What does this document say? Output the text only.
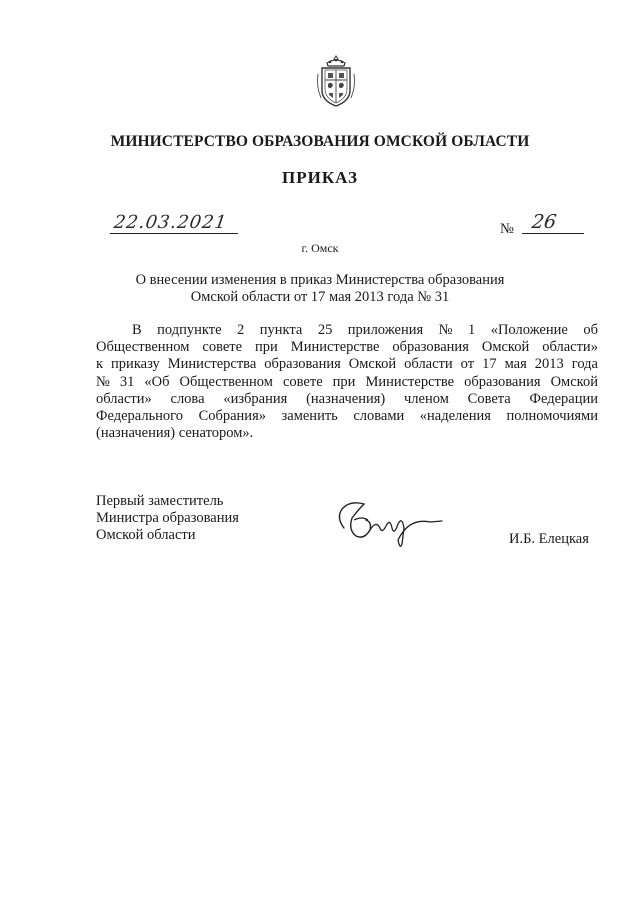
МИНИСТЕРСТВО ОБРАЗОВАНИЯ ОМСКОЙ ОБЛАСТИ
ПРИКАЗ
22.03.2021	№ 26
г. Омск
О внесении изменения в приказ Министерства образования
Омской области от 17 мая 2013 года № 31
В подпункте 2 пункта 25 приложения № 1 «Положение об
Общественном совете при Министерстве образования Омской области»
к приказу Министерства образования Омской области от 17 мая 2013 года
№ 31 «Об Общественном совете при Министерстве образования Омской
области» слова «избрания (назначения) членом Совета Федерации
Федерального Собрания» заменить словами «наделения полномочиями
(назначения) сенатором».
Первый заместитель
Министра образования
Омской области	И.Б. Елецкая
